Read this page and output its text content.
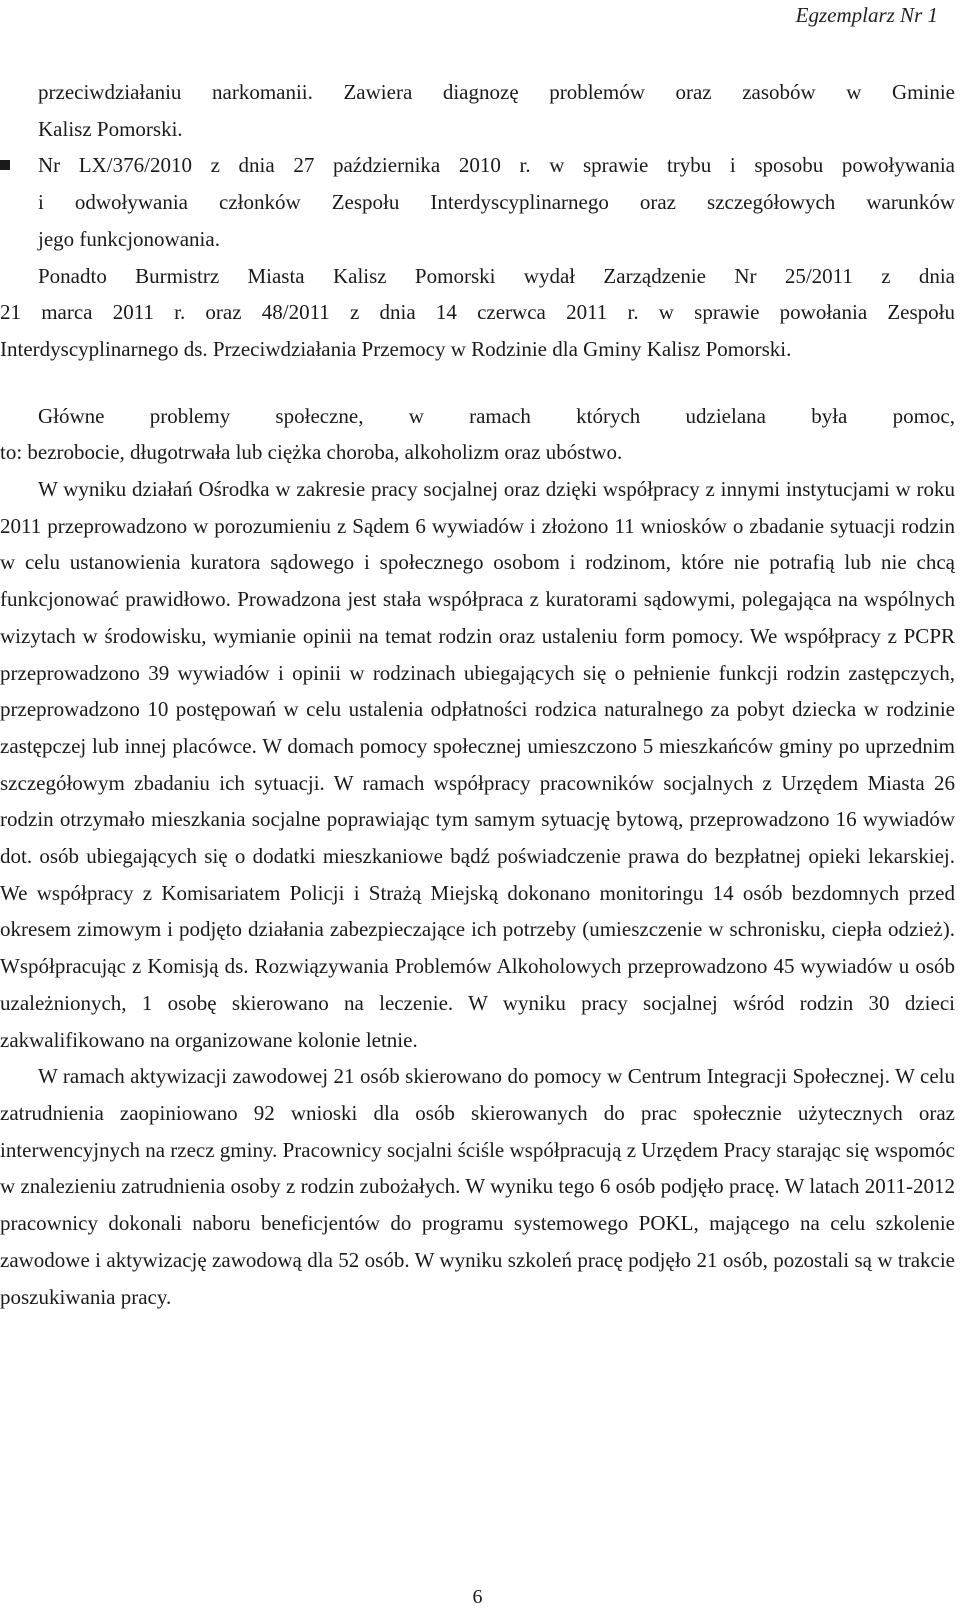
Egzemplarz Nr 1
przeciwdziałaniu narkomanii. Zawiera diagnozę problemów oraz zasobów w Gminie
Kalisz Pomorski.
Nr LX/376/2010 z dnia 27 października 2010 r. w sprawie trybu i sposobu powoływania
i odwoływania członków Zespołu Interdyscyplinarnego oraz szczegółowych warunków
jego funkcjonowania.
Ponadto Burmistrz Miasta Kalisz Pomorski wydał Zarządzenie Nr 25/2011 z dnia
21 marca 2011 r. oraz 48/2011 z dnia 14 czerwca 2011 r. w sprawie powołania Zespołu
Interdyscyplinarnego ds. Przeciwdziałania Przemocy w Rodzinie dla Gminy Kalisz Pomorski.
Główne problemy społeczne, w ramach których udzielana była pomoc,
to: bezrobocie, długotrwała lub ciężka choroba, alkoholizm oraz ubóstwo.

W wyniku działań Ośrodka w zakresie pracy socjalnej oraz dzięki współpracy z innymi instytucjami w roku 2011 przeprowadzono w porozumieniu z Sądem 6 wywiadów i złożono 11 wniosków o zbadanie sytuacji rodzin w celu ustanowienia kuratora sądowego i społecznego osobom i rodzinom, które nie potrafią lub nie chcą funkcjonować prawidłowo. Prowadzona jest stała współpraca z kuratorami sądowymi, polegająca na wspólnych wizytach w środowisku, wymianie opinii na temat rodzin oraz ustaleniu form pomocy. We współpracy z PCPR przeprowadzono 39 wywiadów i opinii w rodzinach ubiegających się o pełnienie funkcji rodzin zastępczych, przeprowadzono 10 postępowań w celu ustalenia odpłatności rodzica naturalnego za pobyt dziecka w rodzinie zastępczej lub innej placówce. W domach pomocy społecznej umieszczono 5 mieszkańców gminy po uprzednim szczegółowym zbadaniu ich sytuacji. W ramach współpracy pracowników socjalnych z Urzędem Miasta 26 rodzin otrzymało mieszkania socjalne poprawiając tym samym sytuację bytową, przeprowadzono 16 wywiadów dot. osób ubiegających się o dodatki mieszkaniowe bądź poświadczenie prawa do bezpłatnej opieki lekarskiej. We współpracy z Komisariatem Policji i Strażą Miejską dokonano monitoringu 14 osób bezdomnych przed okresem zimowym i podjęto działania zabezpieczające ich potrzeby (umieszczenie w schronisku, ciepła odzież). Współpracując z Komisją ds. Rozwiązywania Problemów Alkoholowych przeprowadzono 45 wywiadów u osób uzależnionych, 1 osobę skierowano na leczenie. W wyniku pracy socjalnej wśród rodzin 30 dzieci zakwalifikowano na organizowane kolonie letnie.

W ramach aktywizacji zawodowej 21 osób skierowano do pomocy w Centrum Integracji Społecznej. W celu zatrudnienia zaopiniowano 92 wnioski dla osób skierowanych do prac społecznie użytecznych oraz interwencyjnych na rzecz gminy. Pracownicy socjalni ściśle współpracują z Urzędem Pracy starając się wspomóc w znalezieniu zatrudnienia osoby z rodzin zubożałych. W wyniku tego 6 osób podjęło pracę. W latach 2011-2012 pracownicy dokonali naboru beneficjentów do programu systemowego POKL, mającego na celu szkolenie zawodowe i aktywizację zawodową dla 52 osób. W wyniku szkoleń pracę podjęło 21 osób, pozostali są w trakcie poszukiwania pracy.

6
